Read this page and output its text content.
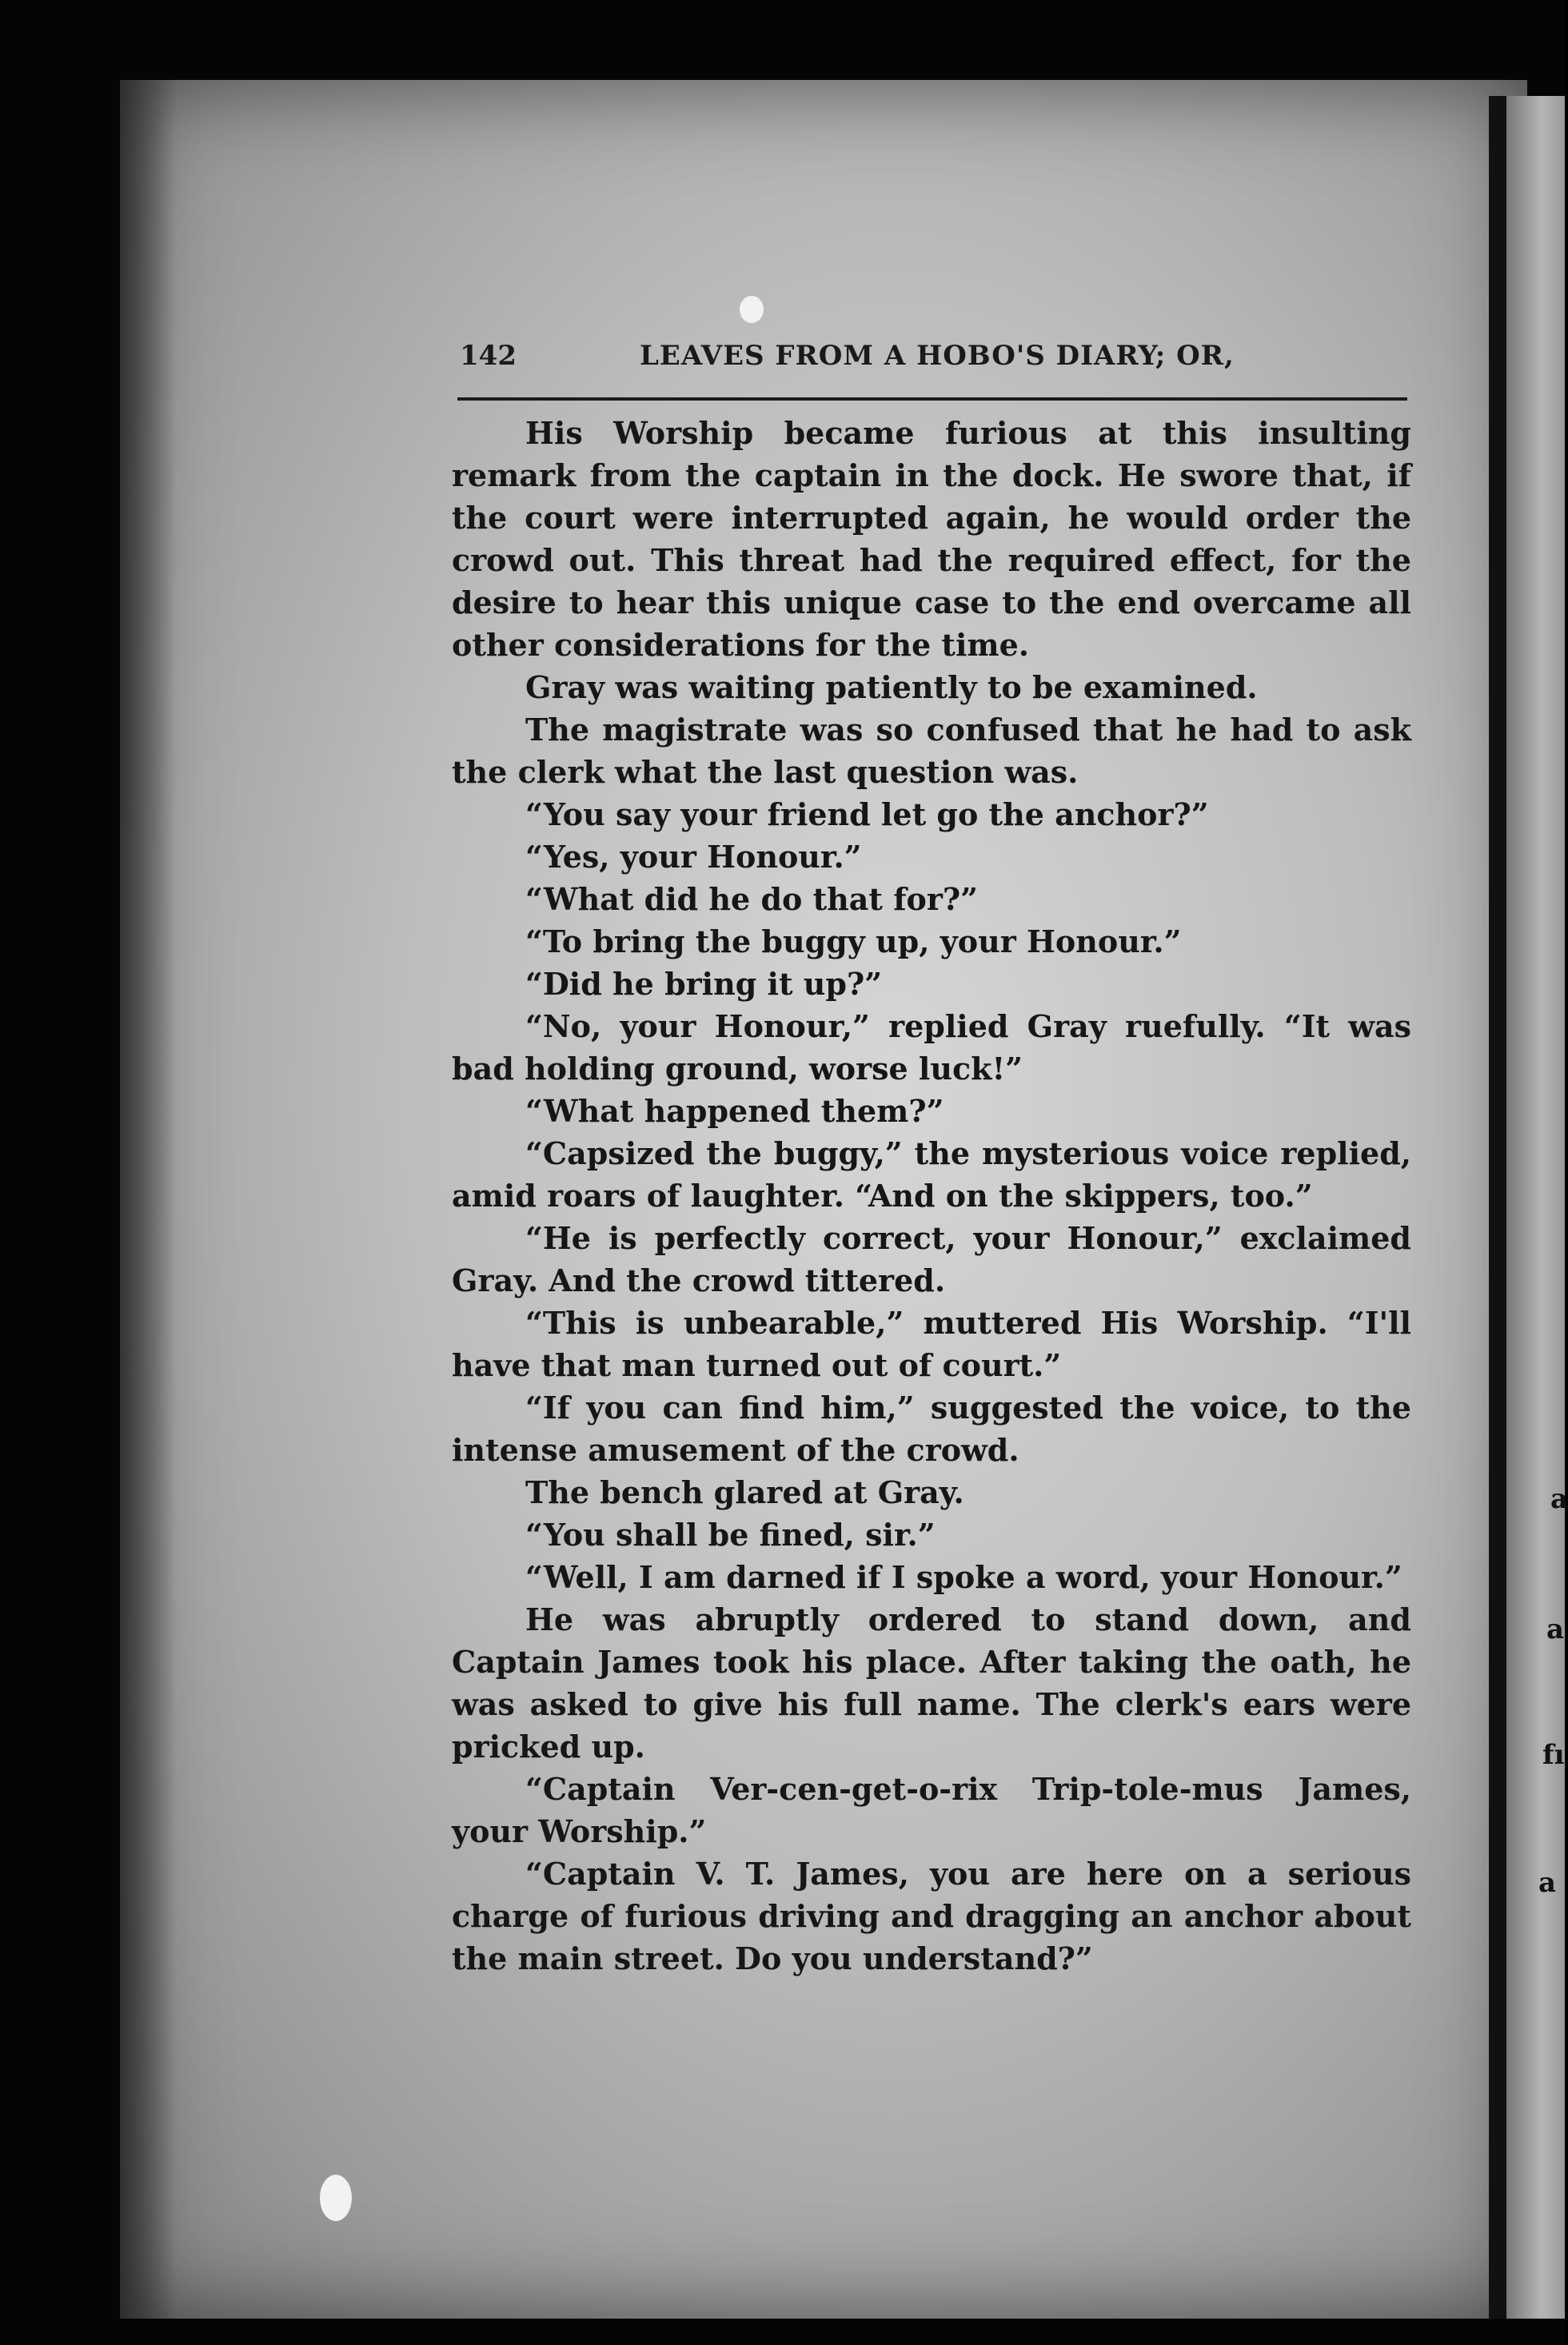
a
a
fı
a
142	LEAVES FROM A HOBO'S DIARY; OR,

His Worship became furious at this insulting remark from the captain in the dock. He swore that, if the court were interrupted again, he would order the crowd out. This threat had the required effect, for the desire to hear this unique case to the end overcame all other considerations for the time.

Gray was waiting patiently to be examined.

The magistrate was so confused that he had to ask the clerk what the last question was.

“You say your friend let go the anchor?”

“Yes, your Honour.”

“What did he do that for?”

“To bring the buggy up, your Honour.”

“Did he bring it up?”

“No, your Honour,” replied Gray ruefully. “It was bad holding ground, worse luck!”

“What happened them?”

“Capsized the buggy,” the mysterious voice replied, amid roars of laughter. “And on the skippers, too.”

“He is perfectly correct, your Honour,” exclaimed Gray. And the crowd tittered.

“This is unbearable,” muttered His Worship. “I'll have that man turned out of court.”

“If you can find him,” suggested the voice, to the intense amusement of the crowd.

The bench glared at Gray.

“You shall be fined, sir.”

“Well, I am darned if I spoke a word, your Honour.”

He was abruptly ordered to stand down, and Captain James took his place. After taking the oath, he was asked to give his full name. The clerk's ears were pricked up.

“Captain Ver-cen-get-o-rix Trip-tole-mus James, your Worship.”

“Captain V. T. James, you are here on a serious charge of furious driving and dragging an anchor about the main street. Do you understand?”
